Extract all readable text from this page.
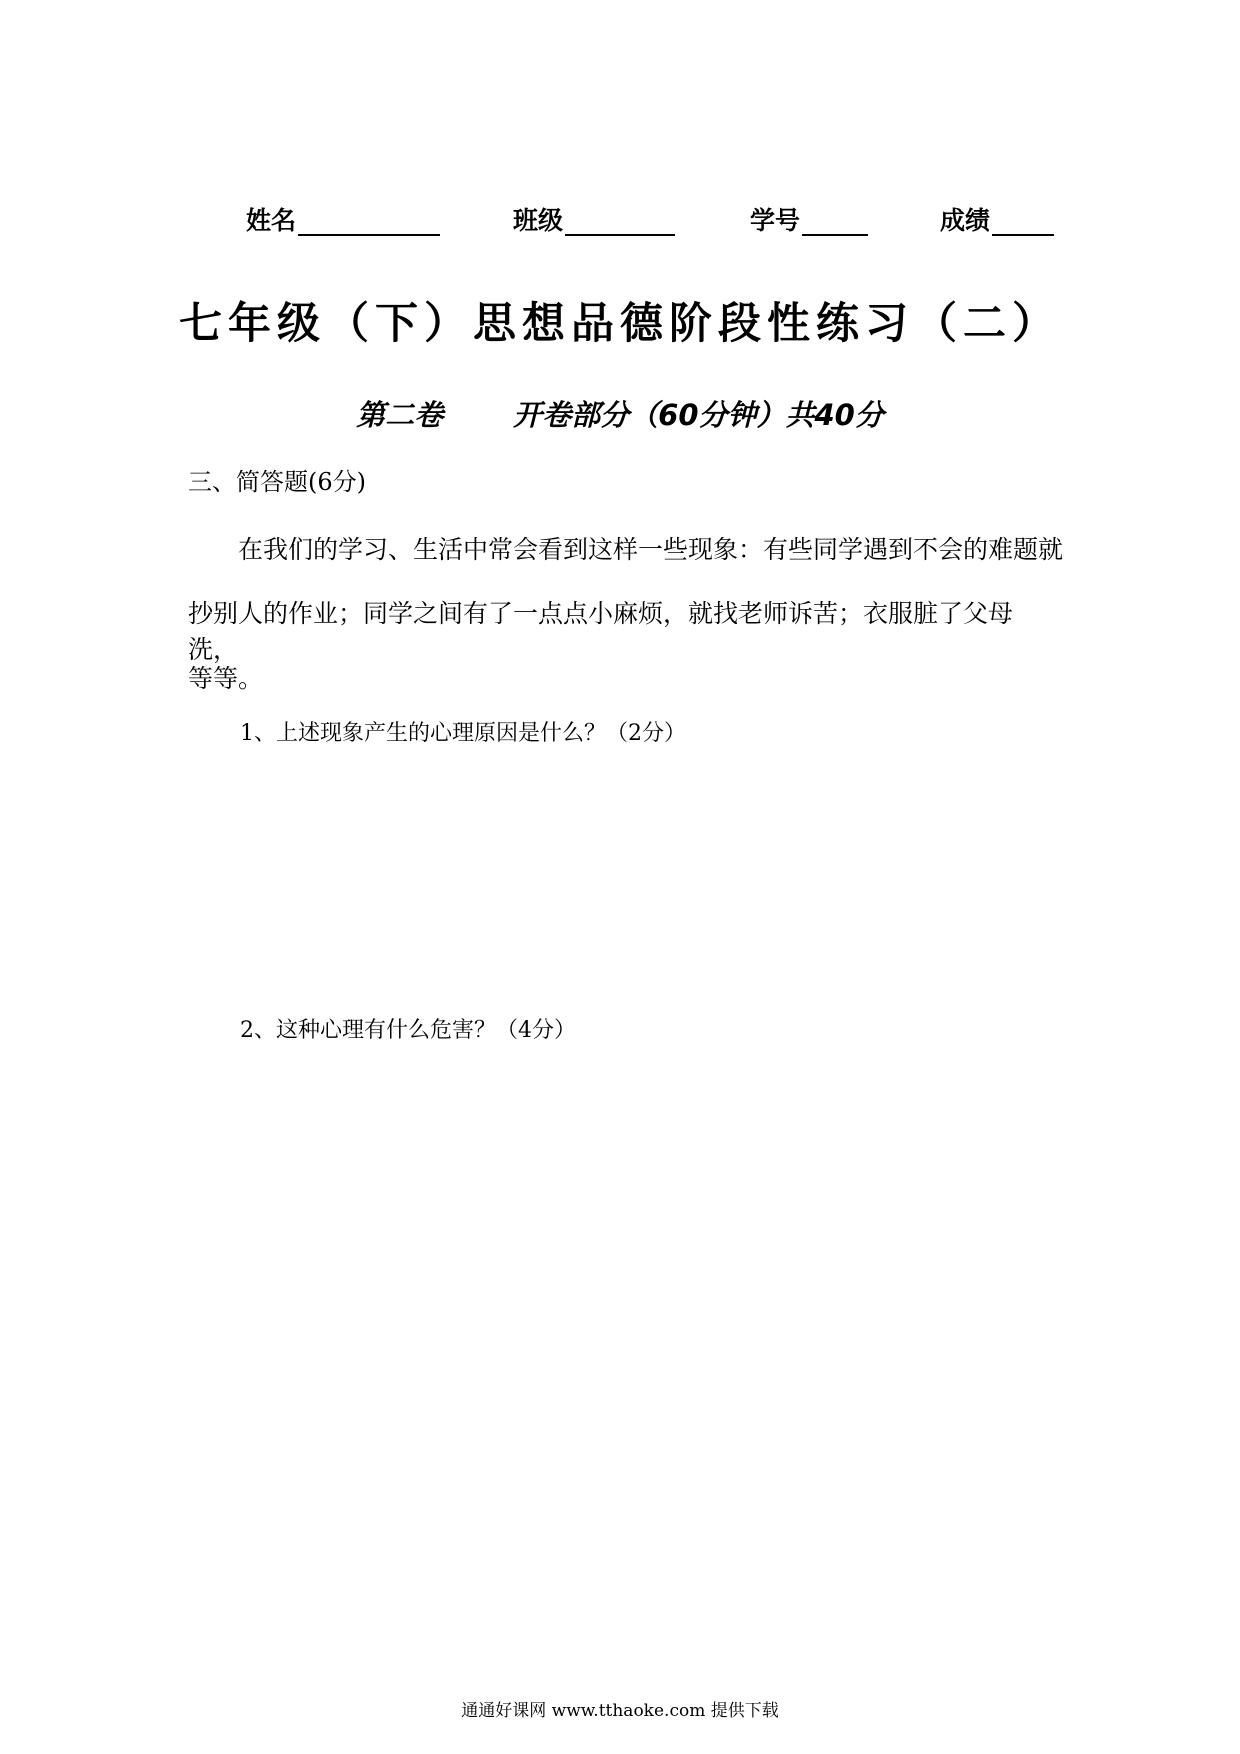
姓名	班级	学号	成绩
七年级（下）思想品德阶段性练习（二）
第二卷 开卷部分（60分钟）共40分
三、简答题(6分)
在我们的学习、生活中常会看到这样一些现象：有些同学遇到不会的难题就
抄别人的作业；同学之间有了一点点小麻烦，就找老师诉苦；衣服脏了父母洗，
等等。
1、上述现象产生的心理原因是什么？（2分）
2、这种心理有什么危害？（4分）
通通好课网 www.tthaoke.com 提供下载
